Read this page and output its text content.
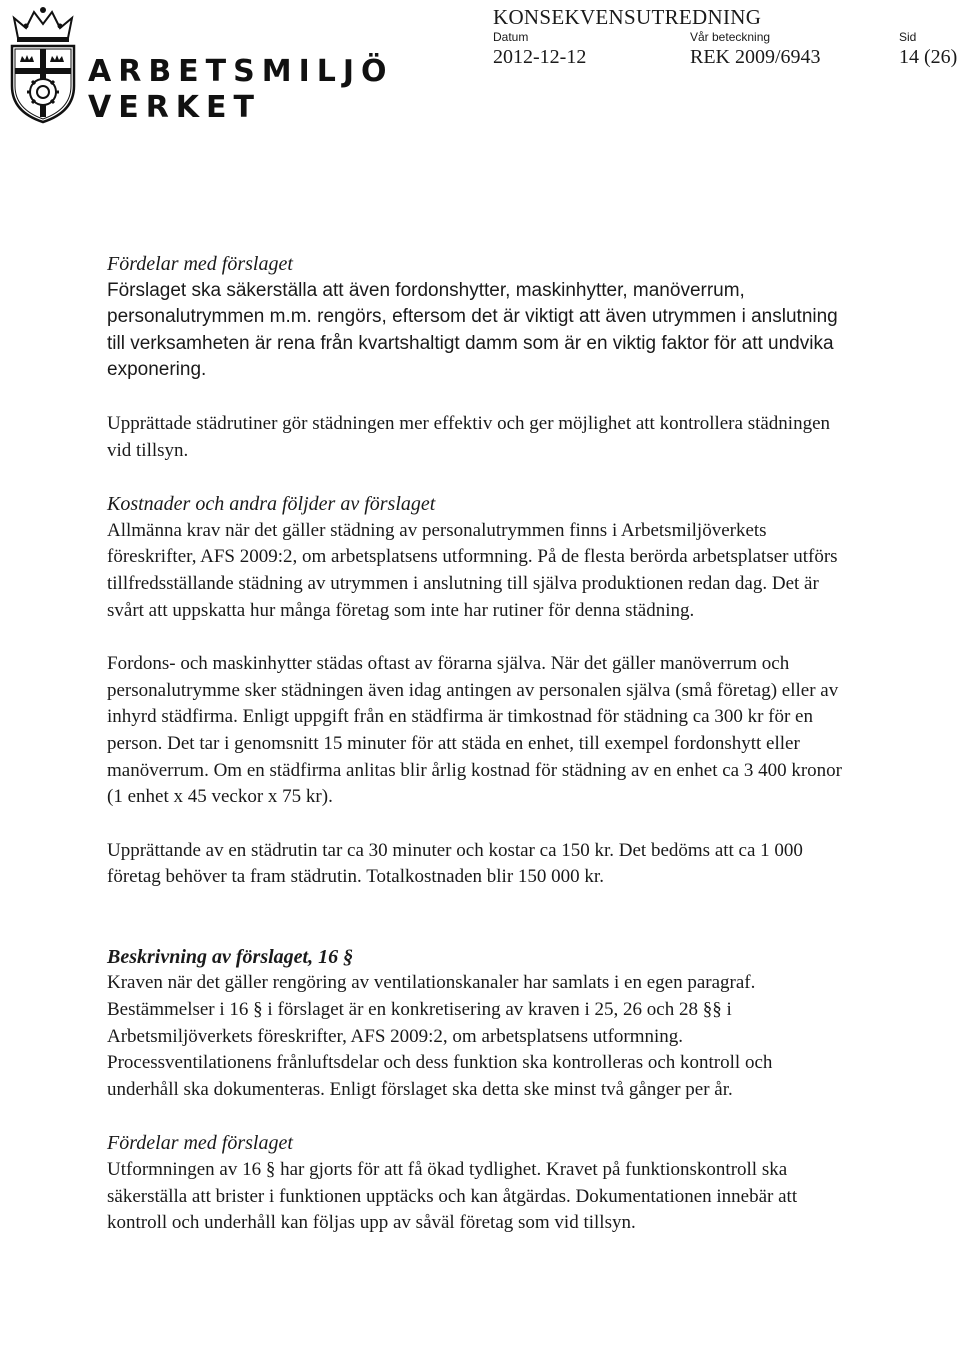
ARBETSMILJÖ
VERKET
KONSEKVENSUTREDNING
Datum
2012-12-12
Vår beteckning
REK 2009/6943
Sid
14 (26)

Fördelar med förslaget

Förslaget ska säkerställa att även fordonshytter, maskinhytter, manöverrum, personalutrymmen m.m. rengörs, eftersom det är viktigt att även utrymmen i anslutning till verksamheten är rena från kvartshaltigt damm som är en viktig faktor för att undvika exponering.

Upprättade städrutiner gör städningen mer effektiv och ger möjlighet att kontrollera städningen vid tillsyn.

Kostnader och andra följder av förslaget

Allmänna krav när det gäller städning av personalutrymmen finns i Arbetsmiljöverkets föreskrifter, AFS 2009:2, om arbetsplatsens utformning. På de flesta berörda arbetsplatser utförs tillfredsställande städning av utrymmen i anslutning till själva produktionen redan dag. Det är svårt att uppskatta hur många företag som inte har rutiner för denna städning.

Fordons- och maskinhytter städas oftast av förarna själva. När det gäller manöverrum och personalutrymme sker städningen även idag antingen av personalen själva (små företag) eller av inhyrd städfirma. Enligt uppgift från en städfirma är timkostnad för städning ca 300 kr för en person. Det tar i genomsnitt 15 minuter för att städa en enhet, till exempel fordonshytt eller manöverrum. Om en städfirma anlitas blir årlig kostnad för städning av en enhet ca 3 400 kronor (1 enhet x 45 veckor x 75 kr).

Upprättande av en städrutin tar ca 30 minuter och kostar ca 150 kr. Det bedöms att ca 1 000 företag behöver ta fram städrutin. Totalkostnaden blir 150 000 kr.

Beskrivning av förslaget, 16 §

Kraven när det gäller rengöring av ventilationskanaler har samlats i en egen paragraf. Bestämmelser i 16 § i förslaget är en konkretisering av kraven i 25, 26 och 28 §§ i Arbetsmiljöverkets föreskrifter, AFS 2009:2, om arbetsplatsens utformning. Processventilationens frånluftsdelar och dess funktion ska kontrolleras och kontroll och underhåll ska dokumenteras. Enligt förslaget ska detta ske minst två gånger per år.

Fördelar med förslaget

Utformningen av 16 § har gjorts för att få ökad tydlighet. Kravet på funktionskontroll ska säkerställa att brister i funktionen upptäcks och kan åtgärdas. Dokumentationen innebär att kontroll och underhåll kan följas upp av såväl företag som vid tillsyn.
